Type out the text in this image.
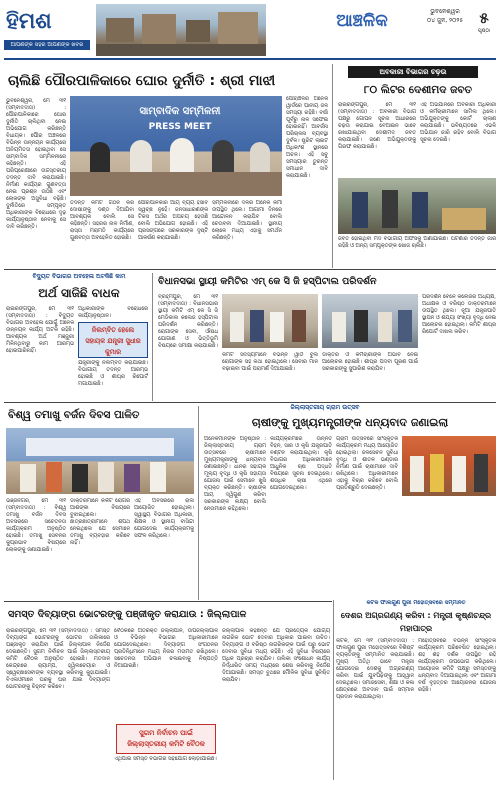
ହିମଶ
ଆପଣଙ୍କ ସହର ଆପଣଙ୍କ ଖବର
ଆଞ୍ଚଳିକ	ଭୁବନେଶ୍ୱର
୦୪ ଜୁନ, ୨୦୨୫	୫
ପୃଷ୍ଠା
ଚାଲିଛି ପୌରପାଳିକାରେ ଘୋର ଦୁର୍ନୀତି : ଶ୍ରୀ ମାଝୀ
ଭୁବନେଶ୍ୱର, ମେ ୩୧ (ସମ୍ବାଦଦାତା) : ପୌରପାଳିକାରେ ଘୋର ଦୁର୍ନୀତି ଚାଲିଥିବା ନେଇ ଅଭିଯୋଗ କରିଛନ୍ତି ବିଧାୟକ। ପୌର ଅଞ୍ଚଳରେ ବିଭିନ୍ନ ଉନ୍ନୟନ କାର୍ଯ୍ୟରେ ଅନିୟମିତତା ହୋଇଥିବା ସେ ସାମ୍ବାଦିକ ସମ୍ମିଳନୀରେ କହିଛନ୍ତି। ଏହି ପରିପ୍ରେକ୍ଷୀରେ ଉଚ୍ଚସ୍ତରୀୟ ତଦନ୍ତ ଦାବି କରାଯାଇଛି। ନିର୍ମାଣ କାର୍ଯ୍ୟର ଗୁଣବତ୍ତା ନେଇ ପ୍ରଶ୍ନ ଉଠିଛି ଏବଂ ଲୋକଙ୍କ ଅସୁବିଧା ବଢ଼ିଛି। ଦୁର୍ନୀତିରେ ସମ୍ପୃକ୍ତ ଅଧିକାରୀଙ୍କ ବିରୋଧରେ ଦୃଢ଼ କାର୍ଯ୍ୟାନୁଷ୍ଠାନ ନେବାକୁ ସେ ଦାବି କରିଛନ୍ତି।
ସାମ୍ବାଦିକ ସମ୍ମିଳନୀ
PRESS MEET
ତଦନ୍ତ କମିଟି ଗଠନ କରି ଦୋଷୀଙ୍କୁ ଦଣ୍ଡ ଦିଆଯିବା ଆବଶ୍ୟକ ବୋଲି ସେ କହିଛନ୍ତି। ସହରର ନାଳ ନିର୍ମାଣ, ରାସ୍ତା ମରାମତି କାର୍ଯ୍ୟରେ ଗୁଣବତ୍ତା ଅବହେଳିତ ହୋଇଛି।
ପୌରପାଳିକାର ଆୟ ବ୍ୟୟ ହିସାବ ସ୍ୱଚ୍ଛ ନୁହେଁ। ଜନସାଧାରଣଙ୍କ ଟିକସ ଅର୍ଥର ଅପଚୟ ହେଉଛି ବୋଲି ଅଭିଯୋଗ ହୋଇଛି। ଏହି ପ୍ରସଙ୍ଗରେ ସରକାରଙ୍କ ଦୃଷ୍ଟି ଆକର୍ଷଣ କରାଯାଇଛି।
ସମ୍ମିଳନୀରେ ଦଳର ଅନେକ କର୍ମୀ ଉପସ୍ଥିତ ଥିଲେ। ଆଗାମୀ ଦିନରେ ଆନ୍ଦୋଳନ କରାଯିବ ବୋଲି ଚେତାବନୀ ଦିଆଯାଇଛି। ସ୍ଥାନୀୟ ଲୋକେ ମଧ୍ୟ ଏହାକୁ ସମର୍ଥନ କରିଛନ୍ତି।
ପୌରାଞ୍ଚଳର ଅନେକ ୱାର୍ଡରେ ପାନୀୟ ଜଳ ସମସ୍ୟା ରହିଛି। ବର୍ଷା ପୂର୍ବରୁ ନାଳ ସଫେଇ ହୋଇନାହିଁ। ଆବର୍ଜନା ପରିଚାଳନା ବ୍ୟବସ୍ଥା ଦୁର୍ବଳ। ଷ୍ଟ୍ରିଟ ଲାଇଟ ଅଧିକାଂଶ ସ୍ଥାନରେ ଅଚଳ। ଏହି ସବୁ ସମସ୍ୟାର ତୁରନ୍ତ ସମାଧାନ ଦାବି କରାଯାଇଛି।
ଅବକାରୀ ବିଭାଗର ଚଢ଼ଉ
୮୦ ଲିଟର ଦେଶୀମଦ ଜବତ
ରାଇରଙ୍ଗପୁର, ମେ ୩୧ (ସମ୍ବାଦଦାତା) : ଅବକାରୀ ବିଭାଗ ପକ୍ଷରୁ ଗୋପନ ସୂଚନା ଆଧାରରେ ଚଢ଼ଉ କରାଯାଇ ବେଆଇନ ଭାବେ ରଖାଯାଇଥିବା ଦେଶୀମଦ ଜବତ କରାଯାଇଛି। ଜଣେ ଅଭିଯୁକ୍ତଙ୍କୁ ଗିରଫ କରାଯାଇଛି।
ଏହି ଅଭିଯାନରେ ଅବକାରୀ ଅଧିକାରୀ ଓ କର୍ମଚାରୀମାନେ ସାମିଲ ଥିଲେ। ଅଭିଯୁକ୍ତଙ୍କୁ କୋର୍ଟ ଚାଲାଣ କରାଯାଇଛି। ଭବିଷ୍ୟତରେ ଏଭଳି ଅଭିଯାନ ଜାରି ରହିବ ବୋଲି ବିଭାଗ ସୂଚନା ଦେଇଛି।
ଜବତ ହୋଇଥିବା ମଦ ବିଭାଗୀୟ ଅଫିସକୁ ଅଣାଯାଇଛି। ଘଟଣାର ତଦନ୍ତ ଜାରି ରହିଛି ଓ ଅନ୍ୟ ସମ୍ପୃକ୍ତଙ୍କ ଖୋଜ ଚାଲିଛି।
ବିଦ୍ୟୁତ ବିଭାଗର ଅବହେଳା ଅଟକିଛି କାମ
ଅର୍ଥ ସାଜିଛି ବାଧକ
ରାଇରଙ୍ଗପୁର, ମେ ୩୧ (ସମ୍ବାଦଦାତା) : ବିଦ୍ୟୁତ ବିଭାଗର ଅବହେଳା ଯୋଗୁଁ ଅନେକ ଉନ୍ନୟନ କାର୍ଯ୍ୟ ଅଟକି ରହିଛି। ଆବଶ୍ୟକ ଅର୍ଥ ମଞ୍ଜୁରୀ ମିଳିନଥିବାରୁ କାମ ଆରମ୍ଭ ହୋଇପାରିନାହିଁ।
ନିଲମ୍ବିତ ହେଲେ ସହାୟକ ଯନ୍ତ୍ରୀ ସୁଧୀର କୁମାର
ଅଧିକାରୀଙ୍କ ବିରୋଧରେ କାର୍ଯ୍ୟାନୁଷ୍ଠାନ।
ଯନ୍ତ୍ରୀଙ୍କୁ ନିଲମ୍ବିତ କରାଯାଇଛି। ବିଭାଗୀୟ ତଦନ୍ତ ଆରମ୍ଭ ହୋଇଛି ଓ ଶୀଘ୍ର ରିପୋର୍ଟ ମଗାଯାଇଛି।
ବିଧାନସଭା ସ୍ଥାୟୀ କମିଟିର ଏମ୍ କେ ସି ଜି ହସ୍ପିଟାଲ ପରିଦର୍ଶନ
ବ୍ରହ୍ମପୁର, ମେ ୩୧ (ସମ୍ବାଦଦାତା) : ବିଧାନସଭାର ସ୍ଥାୟୀ କମିଟି ଏମ୍ କେ ସି ଜି ମେଡିକାଲ କଲେଜ ହସ୍ପିଟାଲ ପରିଦର୍ଶନ କରିଛନ୍ତି। ରୋଗୀଙ୍କ ସେବା, ଔଷଧ ଯୋଗାଣ ଓ ଭିତ୍ତିଭୂମି ବିଷୟରେ ସମୀକ୍ଷା କରାଯାଇଛି।
କମିଟି ସଦସ୍ୟମାନେ ବିଭିନ୍ନ ୱାର୍ଡ ବୁଲି ରୋଗୀଙ୍କ ସହ କଥା ହୋଇଥିଲେ। ସେବାର ମାନ ବଢ଼ାଇବା ପାଇଁ ପରାମର୍ଶ ଦିଆଯାଇଛି।
ଡାକ୍ତର ଓ କର୍ମଚାରୀଙ୍କ ଅଭାବ ନେଇ ଆଲୋଚନା ହୋଇଛି। ଶୀଘ୍ର ପଦବୀ ପୂରଣ ପାଇଁ ସରକାରଙ୍କୁ ସୁପାରିଶ କରାଯିବ।
ପରିଦର୍ଶନ ବେଳେ କଲେଜର ଅଧ୍ୟକ୍ଷ, ଅଧୀକ୍ଷକ ଓ ବରିଷ୍ଠ ଡାକ୍ତରମାନେ ଉପସ୍ଥିତ ଥିଲେ। ନୂଆ ଯନ୍ତ୍ରପାତି ସ୍ଥାପନ ଓ ଶଯ୍ୟା ସଂଖ୍ୟା ବୃଦ୍ଧି ନେଇ ଆଲୋଚନା ହୋଇଥିଲା। କମିଟି ଶୀଘ୍ର ରିପୋର୍ଟ ଦାଖଲ କରିବ।
ବିଶ୍ୱ ତମାଖୁ ବର୍ଜନ ଦିବସ ପାଳିତ
ଭଞ୍ଜନଗର, ମେ ୩୧ (ସମ୍ବାଦଦାତା) : ବିଶ୍ୱ ତମାଖୁ ବର୍ଜନ ଦିବସ ଅବସରରେ ସଚେତନତା କାର୍ଯ୍ୟକ୍ରମ ଅନୁଷ୍ଠିତ ହୋଇଛି। ତମାଖୁ ସେବନର କୁପ୍ରଭାବ ବିଷୟରେ ଲୋକଙ୍କୁ ଜଣାଯାଇଛି।
ଡାକ୍ତରମାନେ କର୍କଟ ରୋଗର ଆଶଙ୍କା ବିଷୟରେ ବୁଝାଇଥିଲେ। ଛାତ୍ରଛାତ୍ରୀମାନେ ଶପଥ ନେଇଥିଲେ ଯେ ସେମାନେ ତମାଖୁ ବ୍ୟବହାର କରିବେ ନାହିଁ।
ଏହି ଅବସରରେ ରାଲି ଆୟୋଜିତ ହୋଇଥିଲା। ସ୍ୱାସ୍ଥ୍ୟ ବିଭାଗର ଅଧିକାରୀ, ଶିକ୍ଷକ ଓ ସ୍ଥାନୀୟ ବାସିନ୍ଦା ଯୋଗଦେଇ କାର୍ଯ୍ୟକ୍ରମକୁ ସଫଳ କରିଥିଲେ।
ଜିଲ୍ଲାସ୍ତରୀୟ ଗ୍ରାମ ଉତ୍ସବ
ଚାଷୀଙ୍କୁ ମୁଖ୍ୟମନ୍ତ୍ରୀଙ୍କ ଧନ୍ୟବାଦ ଜଣାଇଲା
ଅନେକମାନଙ୍କ ଅନୁଷ୍ଠାନ : ଜିଲ୍ଲାସ୍ତରୀୟ ଗ୍ରାମ ଉତ୍ସବରେ ଚାଷୀମାନେ ମୁଖ୍ୟମନ୍ତ୍ରୀଙ୍କୁ ଧନ୍ୟବାଦ ଜଣାଇଛନ୍ତି। ଧାନର ସହାୟକ ମୂଲ୍ୟ ବୃଦ୍ଧି ଓ କୃଷି ସହାୟତା ଯୋଜନା ପାଇଁ ସେମାନେ ଖୁସି ବ୍ୟକ୍ତ କରିଛନ୍ତି। ଚାଷୀଙ୍କ ଆୟ ଦ୍ୱିଗୁଣ କରିବା ସରକାରଙ୍କ ଲକ୍ଷ୍ୟ ବୋଲି ନେତାମାନେ କହିଥିଲେ।
କାର୍ଯ୍ୟକ୍ରମରେ ଉନ୍ନତ ବିହନ, ସାର ଓ କୃଷି ଯନ୍ତ୍ରପାତି ବଣ୍ଟନ କରାଯାଇଥିଲା। କୃଷି ବିଭାଗର ଅଧିକାରୀମାନେ ଆଧୁନିକ ଚାଷ ପଦ୍ଧତି ବିଷୟରେ ସୂଚନା ଦେଇଥିଲେ। ଶତାଧିକ ଚାଷୀ ଏଥିରେ ଯୋଗଦେଇଥିଲେ।
ଗ୍ରାମ ଉତ୍ସବରେ ସାଂସ୍କୃତିକ କାର୍ଯ୍ୟକ୍ରମ ମଧ୍ୟ ଆୟୋଜିତ ହୋଇଥିଲା। ଜଳସେଚନ ସୁବିଧା ବୃଦ୍ଧି ଓ ଶୀତଳ ଭଣ୍ଡାର ନିର୍ମାଣ ପାଇଁ ଚାଷୀମାନେ ଦାବି ରଖିଥିଲେ। ଅଧିକାରୀମାନେ ଏହାକୁ ବିଚାର କରିବେ ବୋଲି ପ୍ରତିଶ୍ରୁତି ଦେଇଛନ୍ତି।
କଟକ ଫାଲଗୁଣ ପୁରୀ ମହୋତ୍ସବରେ ସମ୍ମାନିତ
ଦେଶର ଅଗ୍ରଗଣ୍ୟ କରିବା : ମନ୍ତ୍ରୀ କୃଷ୍ଣଚନ୍ଦ୍ର ମହାପାତ୍ର
କଟକ, ମେ ୩୧ (ସମ୍ବାଦଦାତା) : ଫାଲଗୁଣ ପୁରୀ ମହୋତ୍ସବରେ ବିଶିଷ୍ଟ ବ୍ୟକ୍ତିଙ୍କୁ ସମ୍ମାନିତ କରାଯାଇଛି। ମୁଖ୍ୟ ଅତିଥି ଭାବେ ମନ୍ତ୍ରୀ ଯୋଗଦେଇ ଦେଶକୁ ଅଗ୍ରଗଣ୍ୟ କରିବା ପାଇଁ ଯୁବପିଢ଼ିଙ୍କୁ ଆହ୍ୱାନ ଦେଇଥିଲେ। ସମାଜସେବା, ଶିକ୍ଷା ଓ କଳା କ୍ଷେତ୍ରରେ ଅବଦାନ ପାଇଁ ସମ୍ମାନ ପ୍ରଦାନ କରାଯାଇଥିଲା।
ମହୋତ୍ସବରେ ବିଭିନ୍ନ ସାଂସ୍କୃତିକ କାର୍ଯ୍ୟକ୍ରମ ପରିବେଷିତ ହୋଇଥିଲା। ଶହ ଶହ ଦର୍ଶକ ଉପସ୍ଥିତ ରହି କାର୍ଯ୍ୟକ୍ରମ ଉପଭୋଗ କରିଥିଲେ। ଆୟୋଜକ କମିଟି ପକ୍ଷରୁ ସମସ୍ତଙ୍କୁ ଧନ୍ୟବାଦ ଦିଆଯାଇଥିଲା ଏବଂ ଆଗାମୀ ବର୍ଷ ବୃହତ୍ତର ଆୟୋଜନର ଯୋଜନା ରହିଛି।
ସମସ୍ତ ଦିବ୍ୟାଙ୍ଗ ଭୋଟରଙ୍କୁ ପଞ୍ଜୀକୃତ କରାଯାଉ : ଜିଲ୍ଲାପାଳ
ରାଇରଙ୍ଗପୁର, ମେ ୩୧ (ସମ୍ବାଦଦାତା) : ସମସ୍ତ ଦିବ୍ୟାଙ୍ଗ ଭୋଟରଙ୍କୁ ଭୋଟର ତାଲିକାରେ ପଞ୍ଜୀକୃତ କରାଯିବା ପାଇଁ ଜିଲ୍ଲାପାଳ ନିର୍ଦ୍ଦେଶ ଦେଇଛନ୍ତି। ସୁଗମ ନିର୍ବାଚନ ପାଇଁ ଜିଲ୍ଲାସ୍ତରୀୟ କମିଟି ବୈଠକ ଅନୁଷ୍ଠିତ ହୋଇଛି। ମତଦାନ କେନ୍ଦ୍ରରେ ର‍୍ୟାମ୍ପ, ହ୍ୱିଲଚେୟାର ଓ ସ୍ୱେଚ୍ଛାସେବୀଙ୍କ ବ୍ୟବସ୍ଥା କରିବାକୁ କୁହାଯାଇଛି। ବିଏଲଓମାନେ ଘରକୁ ଘର ଯାଇ ଦିବ୍ୟାଙ୍ଗ ଭୋଟରଙ୍କୁ ଚିହ୍ନଟ କରିବେ।
ବୈଠକରେ ଅତିରିକ୍ତ ଜିଲ୍ଲାପାଳ, ଉପଜିଲ୍ଲାପାଳ ଓ ବିଭିନ୍ନ ବିଭାଗର ଅଧିକାରୀମାନେ ଯୋଗଦେଇଥିଲେ। ଦିବ୍ୟାଙ୍ଗ ସଂଗଠନର ପ୍ରତିନିଧିମାନେ ମଧ୍ୟ ନିଜର ମତାମତ ରଖିଥିଲେ। ସଚେତନତା ଅଭିଯାନ ଚଳାଇବାକୁ ନିଷ୍ପତ୍ତି ନିଆଯାଇଛି।
ସୁଗମ ନିର୍ବାଚନ ପାଇଁ
ଜିଲ୍ଲାସ୍ତରୀୟ କମିଟି ବୈଠକ
ଏଥିପାଇଁ ସମସ୍ତ ବିଭାଗର ସହଯୋଗ ଲୋଡ଼ାଯାଇଛି।
ଜିଲ୍ଲାପାଳ କହିଛନ୍ତି ଯେ ପ୍ରତ୍ୟେକ ଯୋଗ୍ୟ ନାଗରିକ ଭୋଟ ଦେବାର ଅଧିକାର ପାଇବା ଉଚିତ। ଦିବ୍ୟାଙ୍ଗ ଓ ବରିଷ୍ଠ ନାଗରିକଙ୍କ ପାଇଁ ଘରୁ ଭୋଟ ଦେବାର ସୁବିଧା ମଧ୍ୟ ରହିଛି। ଏହି ସୁବିଧା ବିଷୟରେ ଅଧିକ ପ୍ରଚାର କରାଯିବ। ତାଲିକା ସଂଶୋଧନ କାର୍ଯ୍ୟ ନିର୍ଦ୍ଧାରିତ ସମୟ ମଧ୍ୟରେ ଶେଷ କରିବାକୁ ନିର୍ଦ୍ଦେଶ ଦିଆଯାଇଛି। ସମସ୍ତ ବୁଥରେ ମୌଳିକ ସୁବିଧା ସୁନିଶ୍ଚିତ କରାଯିବ।
